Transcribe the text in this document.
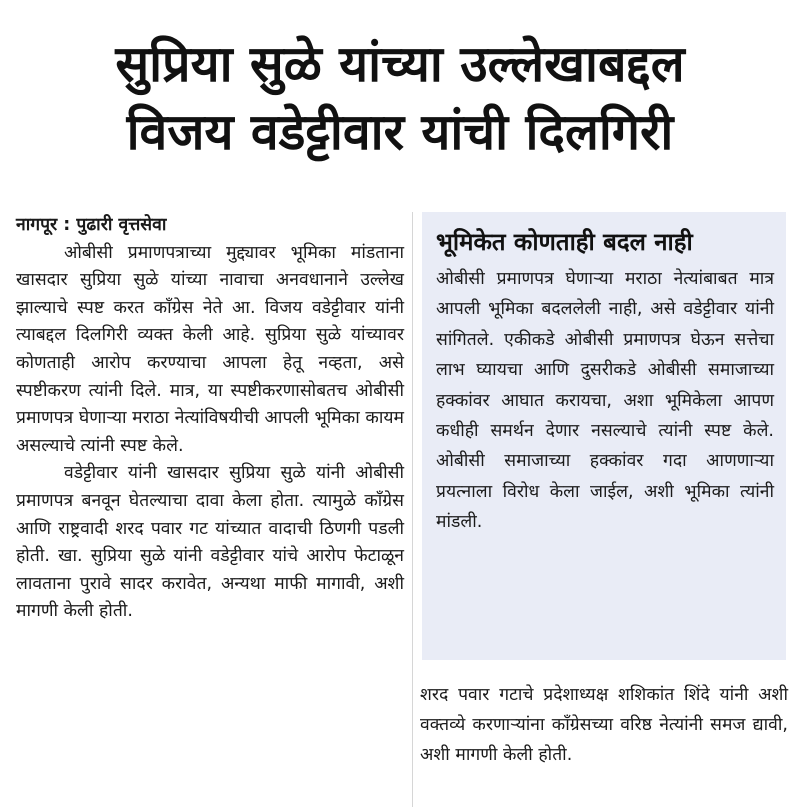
सुप्रिया सुळे यांच्या उल्लेखाबद्दल
विजय वडेट्टीवार यांची दिलगिरी

नागपूर : पुढारी वृत्तसेवा

ओबीसी प्रमाणपत्राच्या मुद्द्यावर भूमिका मांडताना खासदार सुप्रिया सुळे यांच्या नावाचा अनवधानाने उल्लेख झाल्याचे स्पष्ट करत काँग्रेस नेते आ. विजय वडेट्टीवार यांनी त्याबद्दल दिलगिरी व्यक्त केली आहे. सुप्रिया सुळे यांच्यावर कोणताही आरोप करण्याचा आपला हेतू नव्हता, असे स्पष्टीकरण त्यांनी दिले. मात्र, या स्पष्टीकरणासोबतच ओबीसी प्रमाणपत्र घेणाऱ्या मराठा नेत्यांविषयीची आपली भूमिका कायम असल्याचे त्यांनी स्पष्ट केले.

वडेट्टीवार यांनी खासदार सुप्रिया सुळे यांनी ओबीसी प्रमाणपत्र बनवून घेतल्याचा दावा केला होता. त्यामुळे काँग्रेस आणि राष्ट्रवादी शरद पवार गट यांच्यात वादाची ठिणगी पडली होती. खा. सुप्रिया सुळे यांनी वडेट्टीवार यांचे आरोप फेटाळून लावताना पुरावे सादर करावेत, अन्यथा माफी मागावी, अशी मागणी केली होती.

भूमिकेत कोणताही बदल नाही

ओबीसी प्रमाणपत्र घेणाऱ्या मराठा नेत्यांबाबत मात्र आपली भूमिका बदललेली नाही, असे वडेट्टीवार यांनी सांगितले. एकीकडे ओबीसी प्रमाणपत्र घेऊन सत्तेचा लाभ घ्यायचा आणि दुसरीकडे ओबीसी समाजाच्या हक्कांवर आघात करायचा, अशा भूमिकेला आपण कधीही समर्थन देणार नसल्याचे त्यांनी स्पष्ट केले. ओबीसी समाजाच्या हक्कांवर गदा आणणाऱ्या प्रयत्नाला विरोध केला जाईल, अशी भूमिका त्यांनी मांडली.

शरद पवार गटाचे प्रदेशाध्यक्ष शशिकांत शिंदे यांनी अशी वक्तव्ये करणाऱ्यांना काँग्रेसच्या वरिष्ठ नेत्यांनी समज द्यावी, अशी मागणी केली होती.
